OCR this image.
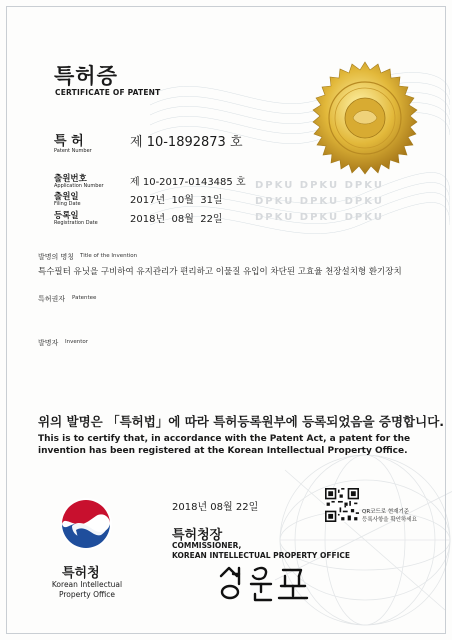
DPKU DPKU DPKU
DPKU DPKU DPKU
DPKU DPKU DPKU
특허증
CERTIFICATE OF PATENT
특 허
Patent Number
제 10-1892873 호
출원번호
Application Number	제 10-2017-0143485 호
출원일
Filing Date	2017년  10월  31일
등록일
Registration Date	2018년  08월  22일
발명의 명칭 Title of the Invention
특수필터 유닛을 구비하여 유지관리가 편리하고 이물질 유입이 차단된 고효율 천장설치형 환기장치
특허권자 Patentee
발명자 Inventor
위의 발명은 「특허법」에 따라 특허등록원부에 등록되었음을 증명합니다.
This is to certify that, in accordance with the Patent Act, a patent for the invention has been registered at the Korean Intellectual Property Office.
2018년 08월 22일	QR코드로 현재기준
등록사항을 확인하세요
특허청
Korean Intellectual
Property Office
특허청장
COMMISSIONER,
KOREAN INTELLECTUAL PROPERTY OFFICE
